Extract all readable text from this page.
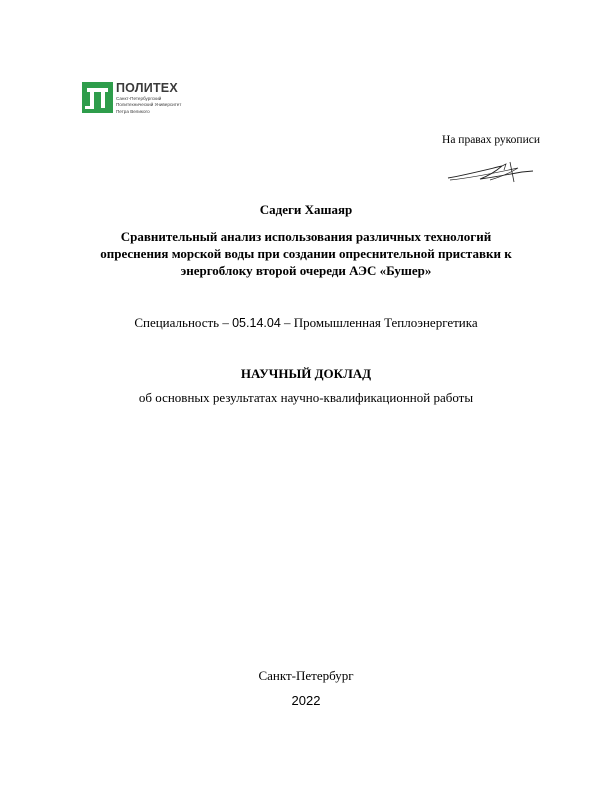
ПОЛИТЕХ
Санкт-Петербургский
Политехнический Университет
Петра Великого
На правах рукописи
Садеги Хашаяр
Сравнительный анализ использования различных технологий
опреснения морской воды при создании опреснительной приставки к
энергоблоку второй очереди АЭС «Бушер»
Специальность – 05.14.04 – Промышленная Теплоэнергетика
НАУЧНЫЙ ДОКЛАД
об основных результатах научно-квалификационной работы
Санкт-Петербург
2022
